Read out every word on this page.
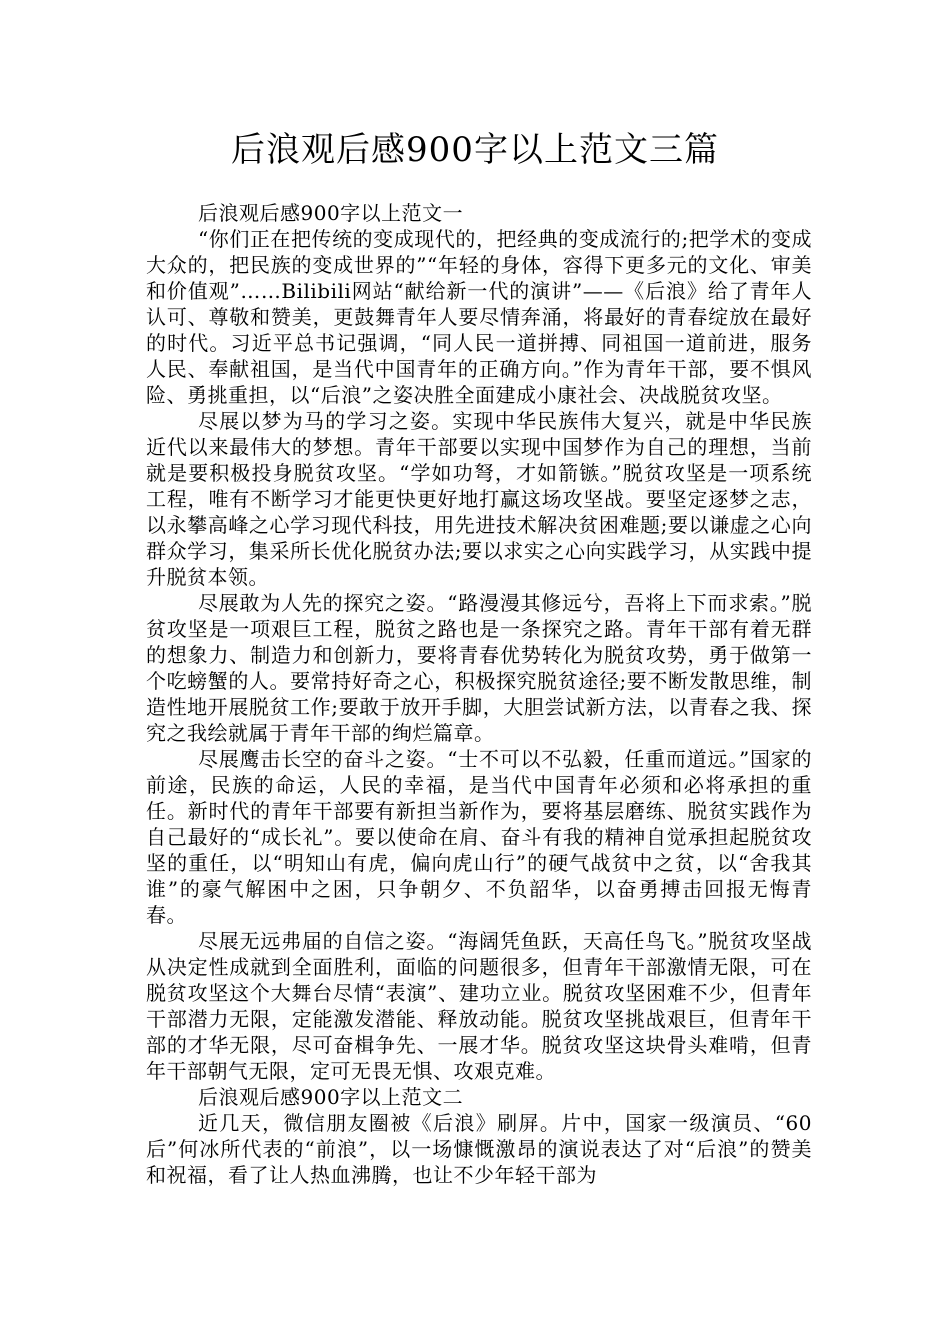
后浪观后感900字以上范文三篇

后浪观后感900字以上范文一

“你们正在把传统的变成现代的，把经典的变成流行的;把学术的变成大众的，把民族的变成世界的”“年轻的身体，容得下更多元的文化、审美和价值观”……Bilibili网站“献给新一代的演讲”——《后浪》给了青年人认可、尊敬和赞美，更鼓舞青年人要尽情奔涌，将最好的青春绽放在最好的时代。习近平总书记强调，“同人民一道拼搏、同祖国一道前进，服务人民、奉献祖国，是当代中国青年的正确方向。”作为青年干部，要不惧风险、勇挑重担，以“后浪”之姿决胜全面建成小康社会、决战脱贫攻坚。

尽展以梦为马的学习之姿。实现中华民族伟大复兴，就是中华民族近代以来最伟大的梦想。青年干部要以实现中国梦作为自己的理想，当前就是要积极投身脱贫攻坚。“学如功弩，才如箭镞。”脱贫攻坚是一项系统工程，唯有不断学习才能更快更好地打赢这场攻坚战。要坚定逐梦之志，以永攀高峰之心学习现代科技，用先进技术解决贫困难题;要以谦虚之心向群众学习，集采所长优化脱贫办法;要以求实之心向实践学习，从实践中提升脱贫本领。

尽展敢为人先的探究之姿。“路漫漫其修远兮，吾将上下而求索。”脱贫攻坚是一项艰巨工程，脱贫之路也是一条探究之路。青年干部有着无群的想象力、制造力和创新力，要将青春优势转化为脱贫攻势，勇于做第一个吃螃蟹的人。要常持好奇之心，积极探究脱贫途径;要不断发散思维，制造性地开展脱贫工作;要敢于放开手脚，大胆尝试新方法，以青春之我、探究之我绘就属于青年干部的绚烂篇章。

尽展鹰击长空的奋斗之姿。“士不可以不弘毅，任重而道远。”国家的前途，民族的命运，人民的幸福，是当代中国青年必须和必将承担的重任。新时代的青年干部要有新担当新作为，要将基层磨练、脱贫实践作为自己最好的“成长礼”。要以使命在肩、奋斗有我的精神自觉承担起脱贫攻坚的重任，以“明知山有虎，偏向虎山行”的硬气战贫中之贫，以“舍我其谁”的豪气解困中之困，只争朝夕、不负韶华，以奋勇搏击回报无悔青春。

尽展无远弗届的自信之姿。“海阔凭鱼跃，天高任鸟飞。”脱贫攻坚战从决定性成就到全面胜利，面临的问题很多，但青年干部激情无限，可在脱贫攻坚这个大舞台尽情“表演”、建功立业。脱贫攻坚困难不少，但青年干部潜力无限，定能激发潜能、释放动能。脱贫攻坚挑战艰巨，但青年干部的才华无限，尽可奋楫争先、一展才华。脱贫攻坚这块骨头难啃，但青年干部朝气无限，定可无畏无惧、攻艰克难。

后浪观后感900字以上范文二

近几天，微信朋友圈被《后浪》刷屏。片中，国家一级演员、“60后”何冰所代表的“前浪”，以一场慷慨激昂的演说表达了对“后浪”的赞美和祝福，看了让人热血沸腾，也让不少年轻干部为
